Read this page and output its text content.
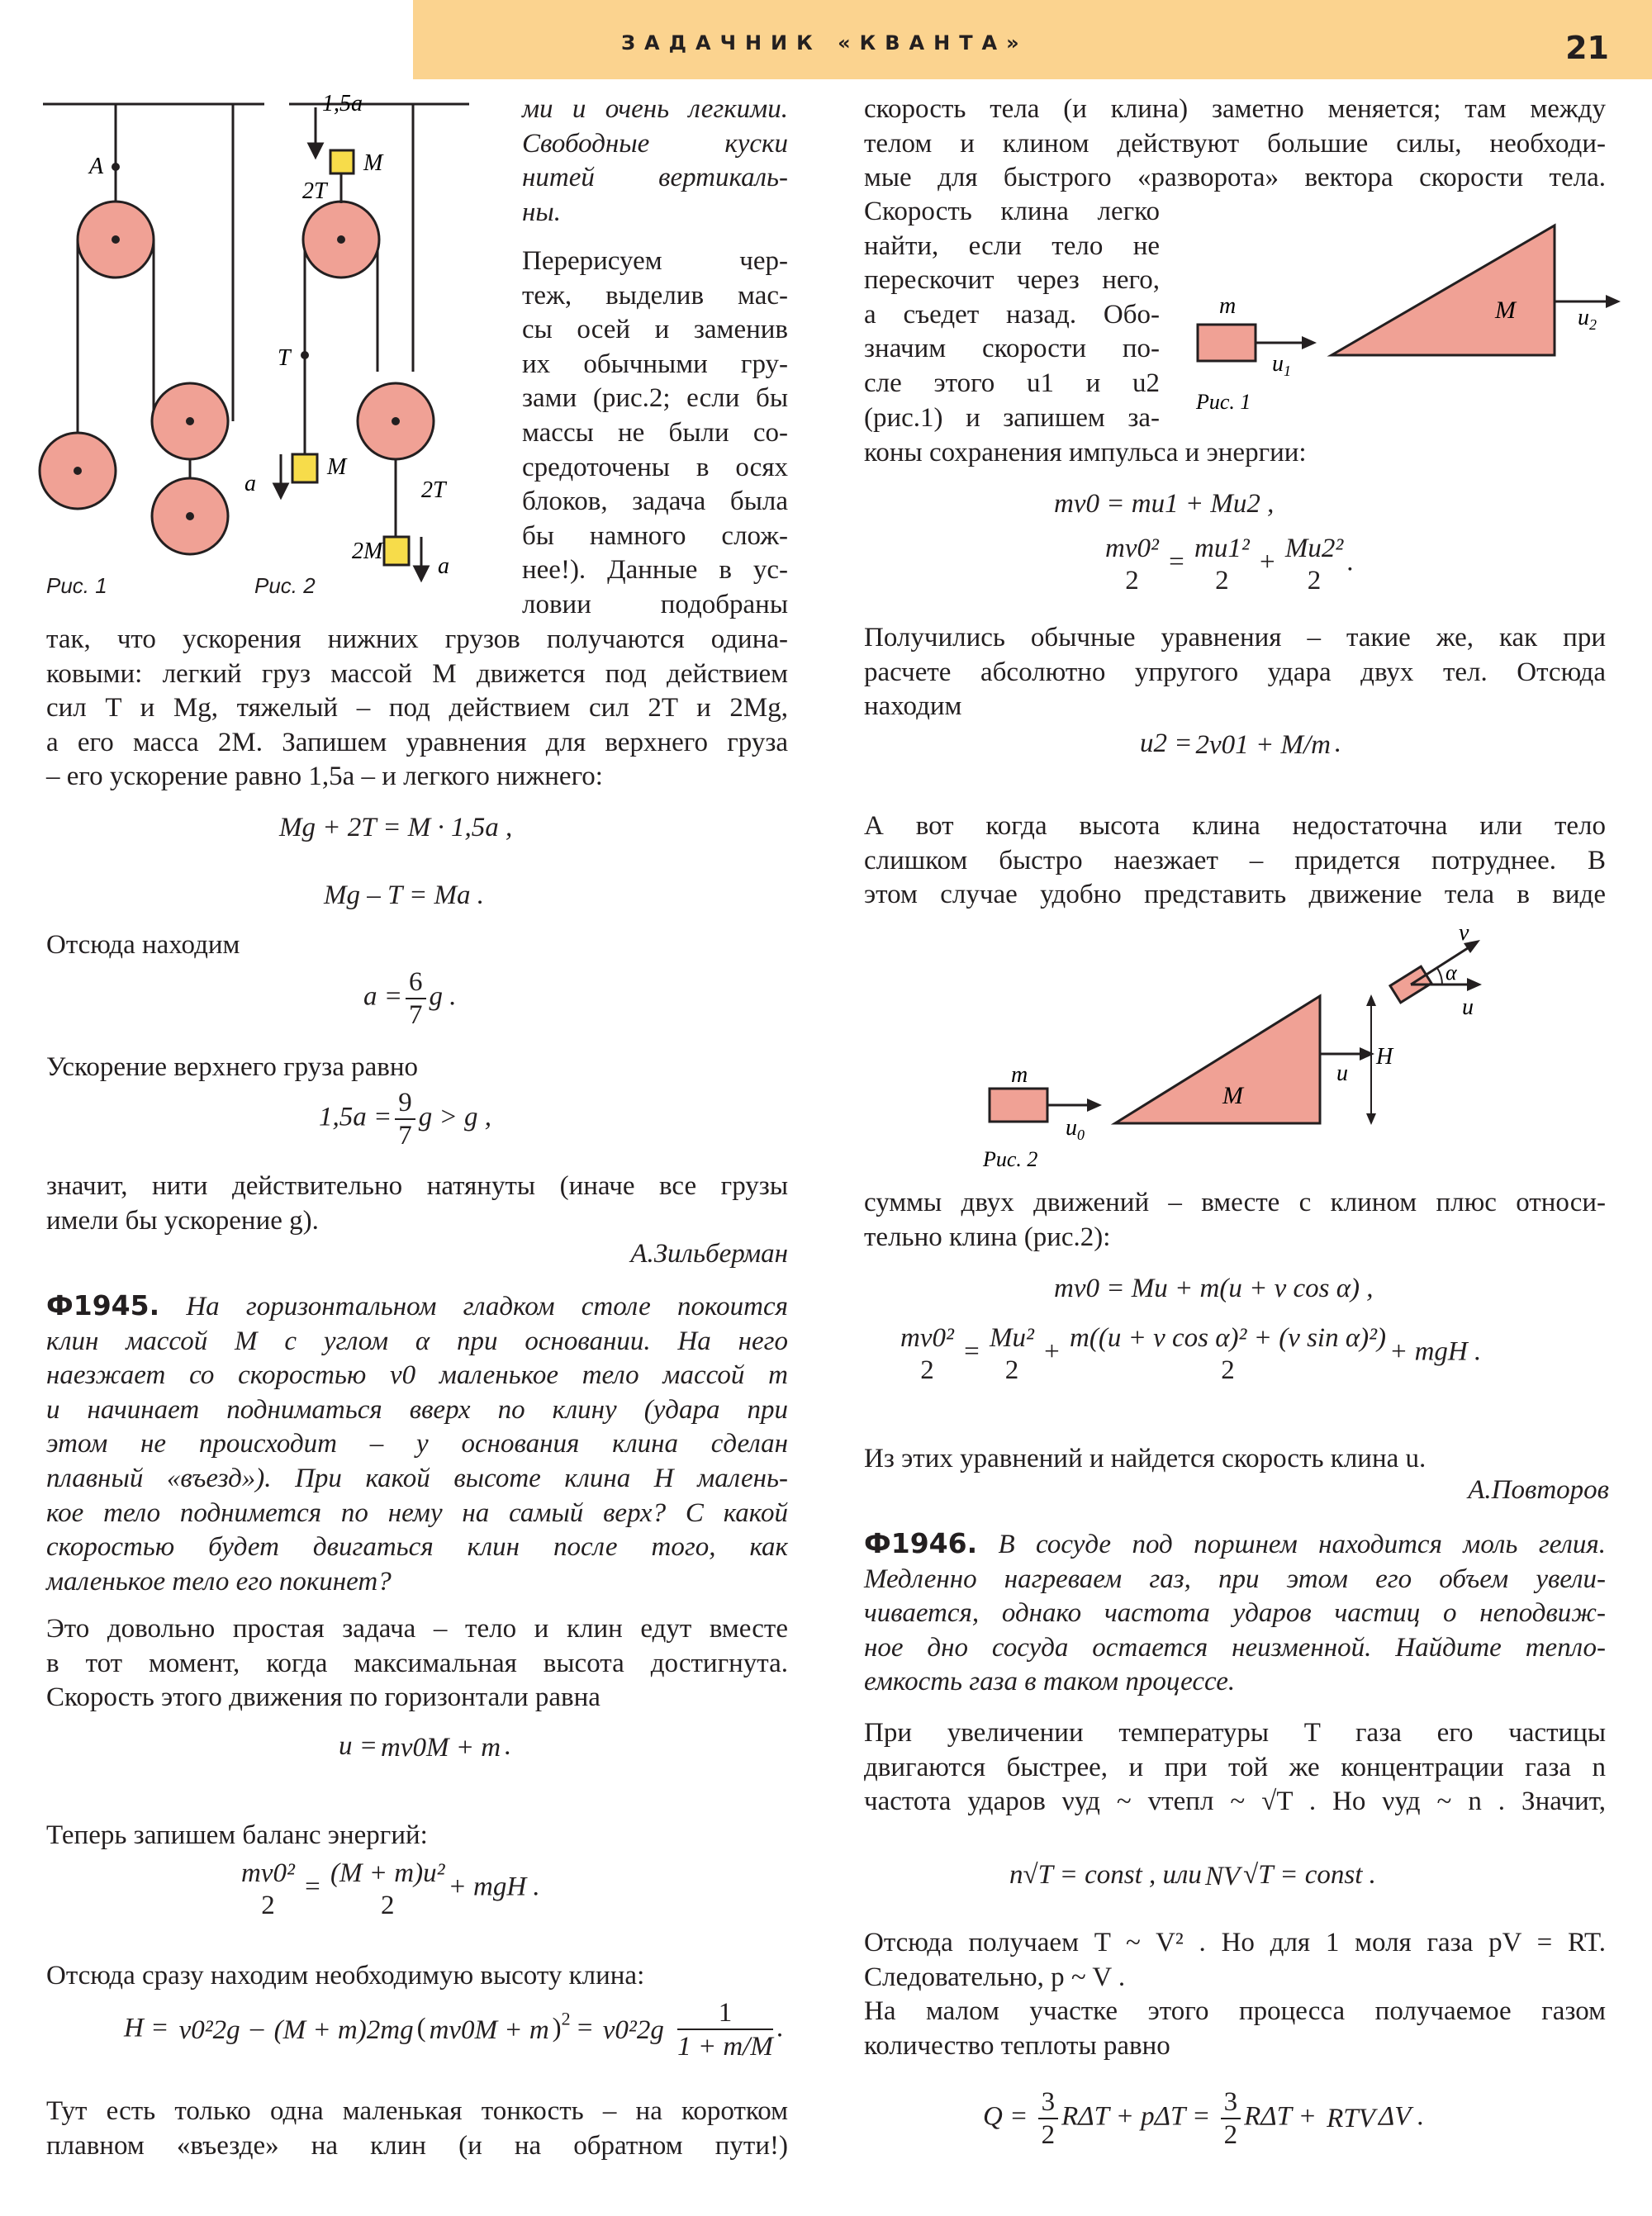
ЗАДАЧНИК «КВАНТА»	21
A
1,5a
M
2T
T
M
a	2T
2M
a
Рис. 1	Рис. 2
ми и очень легкими.
Свободные куски
нитей вертикаль-
ны.
Перерисуем чер-
теж, выделив мас-
сы осей и заменив
их обычными гру-
зами (рис.2; если бы
массы не были со-
средоточены в осях
блоков, задача была
бы намного слож-
нее!). Данные в ус-
ловии подобраны
так, что ускорения нижних грузов получаются одина-
ковыми: легкий груз массой M движется под действием
сил T и Mg, тяжелый – под действием сил 2T и 2Mg,
а его масса 2M. Запишем уравнения для верхнего груза
– его ускорение равно 1,5a – и легкого нижнего:
Mg + 2T = M · 1,5a ,
Mg – T = Ma .
Отсюда находим
$a = \frac{6}{7}$ g .
Ускорение верхнего груза равно
$1,5a = \frac{9}{7}$ g > g ,
значит, нити действительно натянуты (иначе все грузы
имели бы ускорение g).
А.Зильберман
Ф1945. На горизонтальном гладком столе покоится
клин массой M с углом α при основании. На него
наезжает со скоростью v0 маленькое тело массой m
и начинает подниматься вверх по клину (удара при
этом не происходит – у основания клина сделан
плавный «въезд»). При какой высоте клина H малень-
кое тело поднимется по нему на самый верх? С какой
скоростью будет двигаться клин после того, как
маленькое тело его покинет?
Это довольно простая задача – тело и клин едут вместе
в тот момент, когда максимальная высота достигнута.
Скорость этого движения по горизонтали равна
u = mv0M + m .
Теперь запишем баланс энергий:
mv0²
2
= (M + m)u²
2
+ mgH .
Отсюда сразу находим необходимую высоту клина:
H = v0²2g – (M + m)2mg ( mv0M + m )$^2 = v0^22g \frac{1}{1 + m/M}$ .
Тут есть только одна маленькая тонкость – на коротком
плавном «въезде» на клин (и на обратном пути!)
скорость тела (и клина) заметно меняется; там между
телом и клином действуют большие силы, необходи-
мые для быстрого «разворота» вектора скорости тела.
Скорость клина легко
найти, если тело не
перескочит через него,
а съедет назад. Обо-
значим скорости по-
сле этого u1 и u2
(рис.1) и запишем за-
коны сохранения импульса и энергии:
m	M
$u_1$
$u_2$
Рис. 1
mv0 = mu1 + Mu2 ,
mv0²
2
= mu1²
2
+ Mu2²
2
.
Получились обычные уравнения – такие же, как при
расчете абсолютно упругого удара двух тел. Отсюда
находим
u2 = 2v01 + M/m .
А вот когда высота клина недостаточна или тело
слишком быстро наезжает – придется потруднее. В
этом случае удобно представить движение тела в виде
m
M
$u_0$
v
α
u
u
H
Рис. 2
суммы двух движений – вместе с клином плюс относи-
тельно клина (рис.2):
mv0 = Mu + m(u + v cos α) ,
mv0²
2
= Mu²
2
+ m((u + v cos α)² + (v sin α)²)
2
+ mgH .
Из этих уравнений и найдется скорость клина u.
А.Повторов
Ф1946. В сосуде под поршнем находится моль гелия.
Медленно нагреваем газ, при этом его объем увели-
чивается, однако частота ударов частиц о неподвиж-
ное дно сосуда остается неизменной. Найдите тепло-
емкость газа в таком процессе.
При увеличении температуры T газа его частицы
двигаются быстрее, и при той же концентрации газа n
частота ударов νуд ~ vтепл ~ √T . Но νуд ~ n . Значит,
n√T = const , или NV √T = const .
Отсюда получаем T ~ V² . Но для 1 моля газа pV = RT.
Следовательно, p ~ V .
На малом участке этого процесса получаемое газом
количество теплоты равно
$Q = \frac{3}{2}$ $R\Delta T + p\Delta T = \frac{3}{2}$ RΔT + RTV ΔV .
